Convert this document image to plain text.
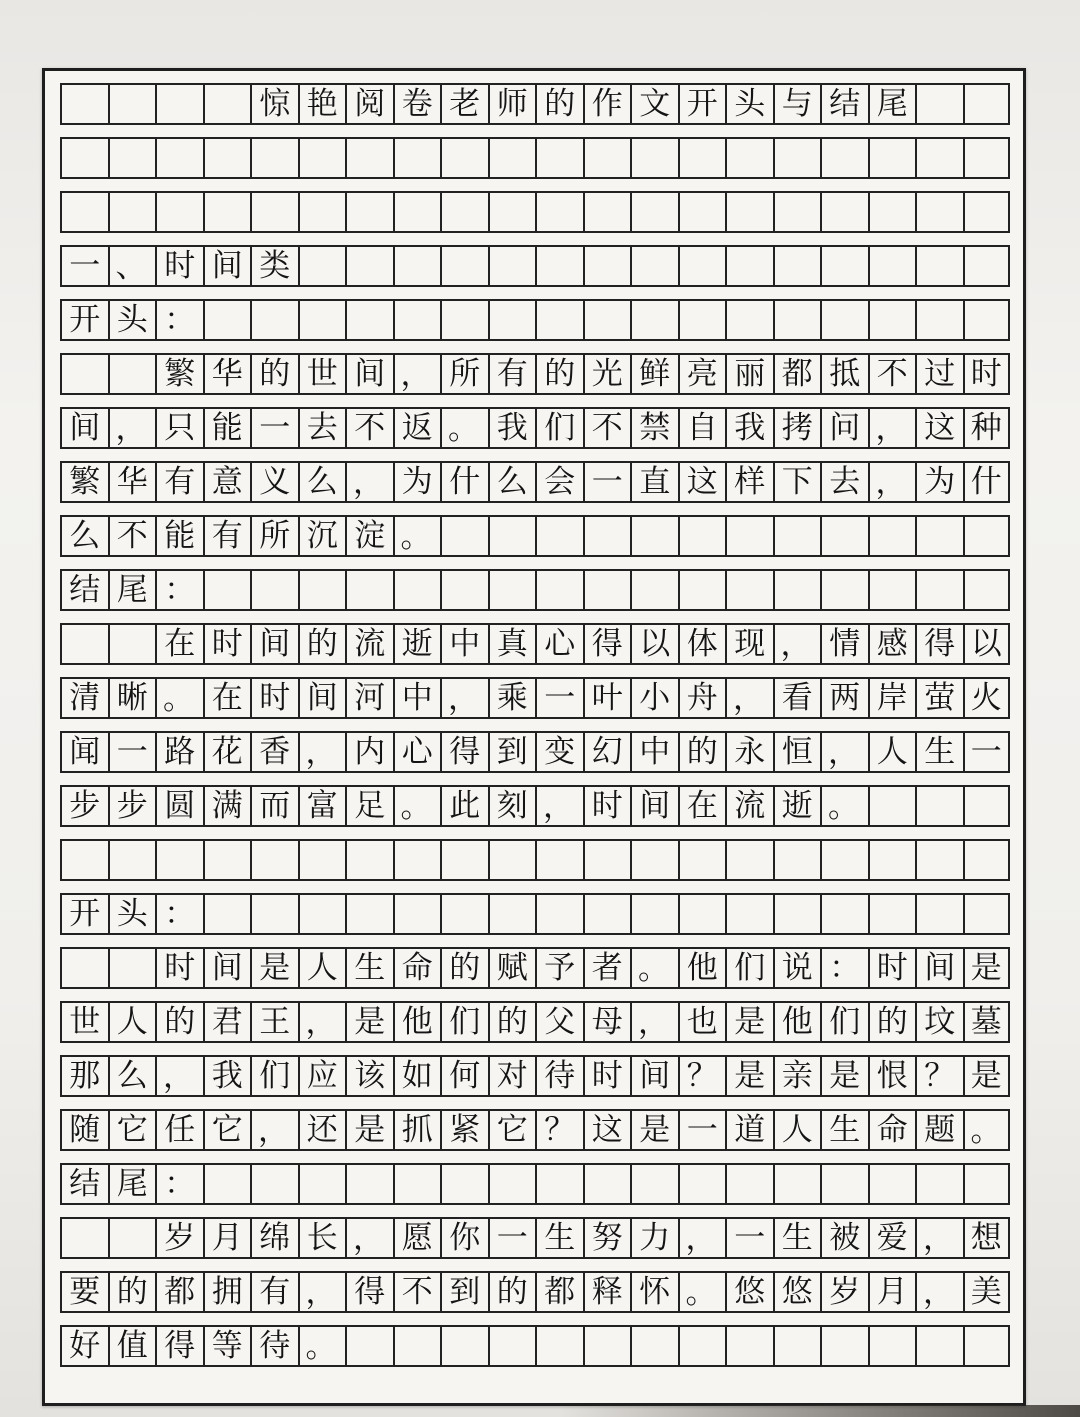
惊 艳 阅 卷 老 师 的 作 文 开 头 与 结 尾
一 、 时 间 类
开 头 ：
繁 华 的 世 间 ， 所 有 的 光 鲜 亮 丽 都 抵 不 过 时
间 ， 只 能 一 去 不 返 。 我 们 不 禁 自 我 拷 问 ， 这 种
繁 华 有 意 义 么 ， 为 什 么 会 一 直 这 样 下 去 ， 为 什
么 不 能 有 所 沉 淀 。
结 尾 ：
在 时 间 的 流 逝 中 真 心 得 以 体 现 ， 情 感 得 以
清 晰 。 在 时 间 河 中 ， 乘 一 叶 小 舟 ， 看 两 岸 萤 火
闻 一 路 花 香 ， 内 心 得 到 变 幻 中 的 永 恒 ， 人 生 一
步 步 圆 满 而 富 足 。 此 刻 ， 时 间 在 流 逝 。
开 头 ：
时 间 是 人 生 命 的 赋 予 者 。 他 们 说 ： 时 间 是
世 人 的 君 王 ， 是 他 们 的 父 母 ， 也 是 他 们 的 坟 墓
那 么 ， 我 们 应 该 如 何 对 待 时 间 ？ 是 亲 是 恨 ？ 是
随 它 任 它 ， 还 是 抓 紧 它 ？ 这 是 一 道 人 生 命 题 。
结 尾 ：
岁 月 绵 长 ， 愿 你 一 生 努 力 ， 一 生 被 爱 ， 想
要 的 都 拥 有 ， 得 不 到 的 都 释 怀 。 悠 悠 岁 月 ， 美
好 值 得 等 待 。
